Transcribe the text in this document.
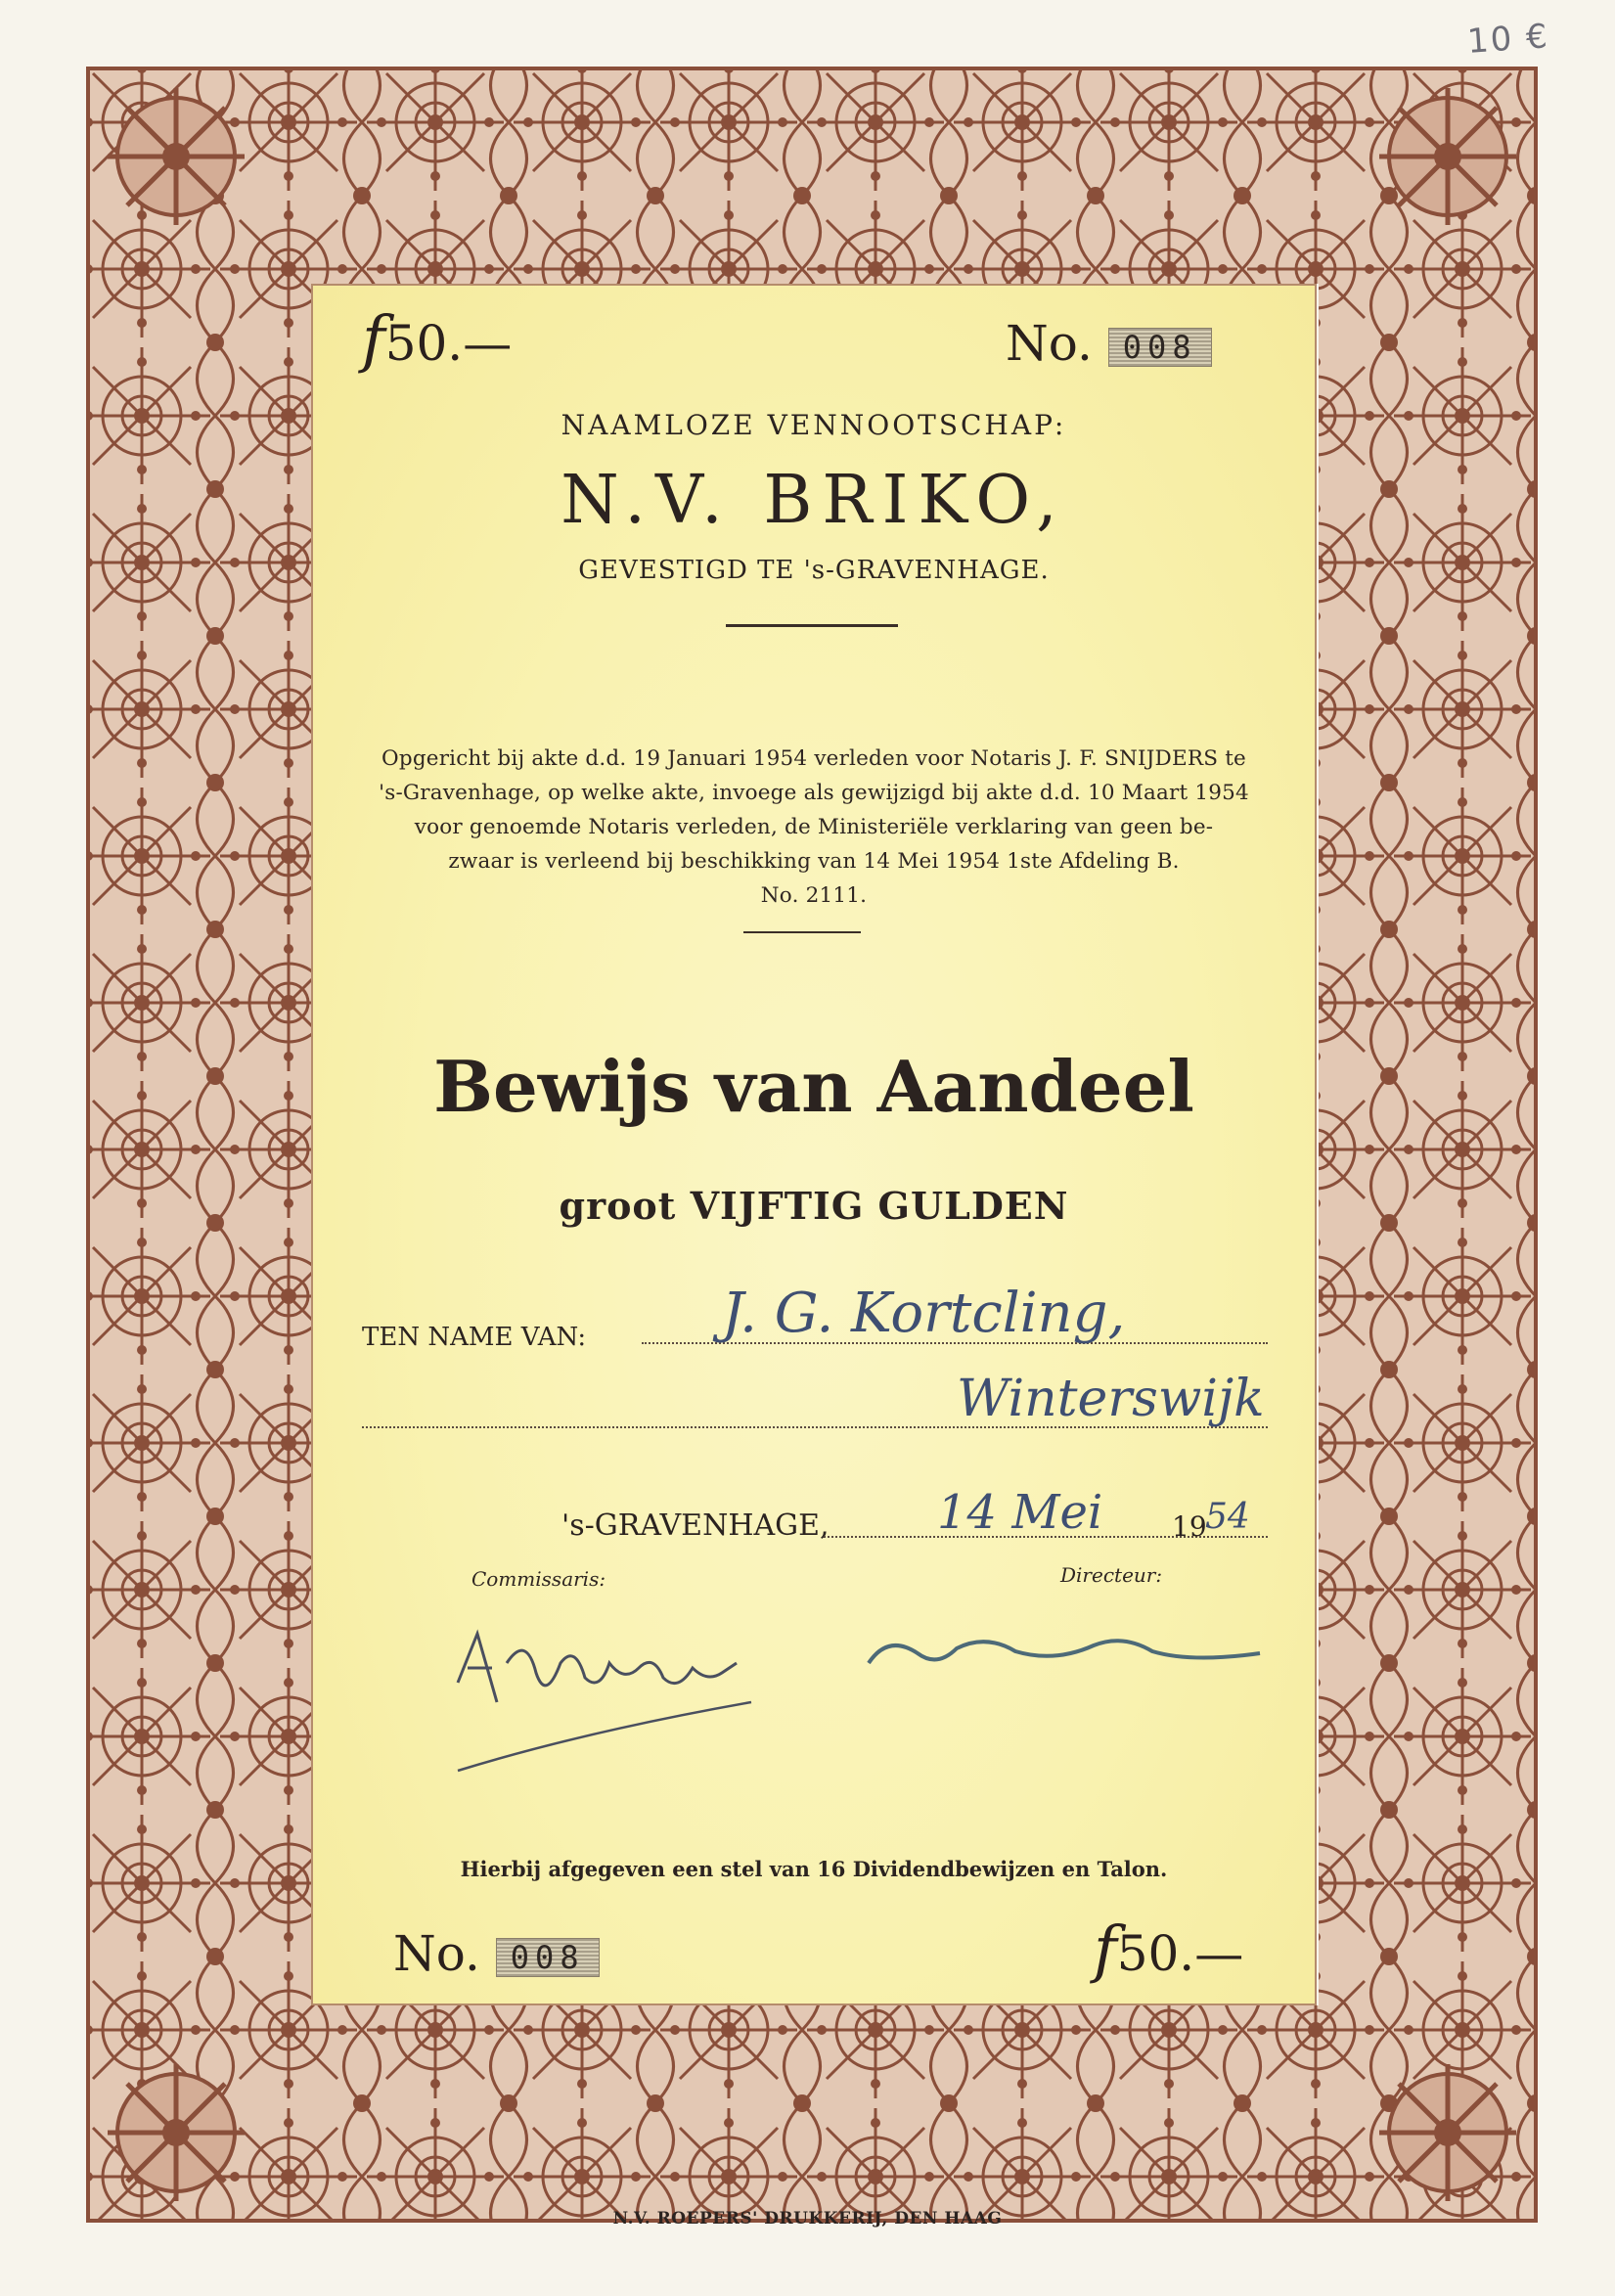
10 €
f50.—	No. 008
NAAMLOZE VENNOOTSCHAP:
N.V. BRIKO,
GEVESTIGD TE 's-GRAVENHAGE.
Opgericht bij akte d.d. 19 Januari 1954 verleden voor Notaris J. F. SNIJDERS te
's-Gravenhage, op welke akte, invoege als gewijzigd bij akte d.d. 10 Maart 1954
voor genoemde Notaris verleden, de Ministeriële verklaring van geen be-
zwaar is verleend bij beschikking van 14 Mei 1954 1ste Afdeling B.
No. 2111.
Bewijs van Aandeel
groot VIJFTIG GULDEN
TEN NAME VAN: J. G. Kortcling,
Winterswijk
's-GRAVENHAGE, 14 Mei	19
54
Commissaris:	Directeur:
Hierbij afgegeven een stel van 16 Dividendbewijzen en Talon.
No. 008	f50.—
N.V. ROEPERS' DRUKKERIJ, DEN HAAG
